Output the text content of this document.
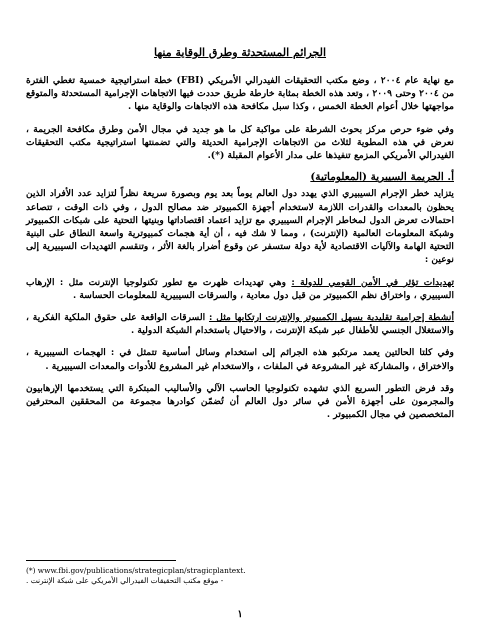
الجرائم المستحدثة وطرق الوقاية منها

مع نهاية عام ٢٠٠٤ ، وضع مكتب التحقيقات الفيدرالي الأمريكي (FBI) خطة استراتيجية خمسية تغطي الفترة من ٢٠٠٤ وحتى ٢٠٠٩ ، وتعد هذه الخطة بمثابة خارطة طريق حددت فيها الاتجاهات الإجرامية المستحدثة والمتوقع مواجهتها خلال أعوام الخطة الخمس ، وكذا سبل مكافحة هذه الاتجاهات والوقاية منها .

وفي ضوء حرص مركز بحوث الشرطة على مواكبة كل ما هو جديد في مجال الأمن وطرق مكافحة الجريمة ، نعرض في هذه المطوية لثلاث من الاتجاهات الإجرامية الحديثة والتي تضمنتها استراتيجية مكتب التحقيقات الفيدرالي الأمريكي المزمع تنفيذها على مدار الأعوام المقبلة (*).

أ. الجريمة السيبرية (المعلوماتية)

يتزايد خطر الإجرام السيبيري الذي يهدد دول العالم يوماً بعد يوم وبصورة سريعة نظراً لتزايد عدد الأفراد الذين يحظون بالمعدات والقدرات اللازمة لاستخدام أجهزة الكمبيوتر ضد مصالح الدول ، وفي ذات الوقت ، تتصاعد احتمالات تعرض الدول لمخاطر الإجرام السيبيري مع تزايد اعتماد اقتصاداتها وبنيتها التحتية على شبكات الكمبيوتر وشبكة المعلومات العالمية (الإنترنت) ، ومما لا شك فيه ، أن أية هجمات كمبيوترية واسعة النطاق على البنية التحتية الهامة والآليات الاقتصادية لأية دولة ستسفر عن وقوع أضرار بالغة الأثر ، وتنقسم التهديدات السيبيرية إلى نوعين :

تهديدات تؤثر في الأمن القومي للدولة : وهي تهديدات ظهرت مع تطور تكنولوجيا الإنترنت مثل : الإرهاب السيبيري ، واختراق نظم الكمبيوتر من قبل دول معادية ، والسرقات السيبيرية للمعلومات الحساسة .

أنشطة إجرامية تقليدية يسهل الكمبيوتر والإنترنت ارتكابها مثل : السرقات الواقعة على حقوق الملكية الفكرية ، والاستغلال الجنسي للأطفال عبر شبكة الإنترنت ، والاحتيال باستخدام الشبكة الدولية .

وفي كلتا الحالتين يعمد مرتكبو هذه الجرائم إلى استخدام وسائل أساسية تتمثل في : الهجمات السيبيرية ، والاختراق ، والمشاركة غير المشروعة في الملفات ، والاستخدام غير المشروع للأدوات والمعدات السيبيرية .

وقد فرض التطور السريع الذي تشهده تكنولوجيا الحاسب الآلي والأساليب المبتكرة التي يستخدمها الإرهابيون والمجرمون على أجهزة الأمن في سائر دول العالم أن تُضمّن كوادرها مجموعة من المحققين المحترفين المتخصصين في مجال الكمبيوتر .

(*) www.fbi.gov/publications/strategicplan/stragicplantext.
- موقع مكتب التحقيقات الفيدرالي الأمريكي على شبكة الإنترنت .
١
